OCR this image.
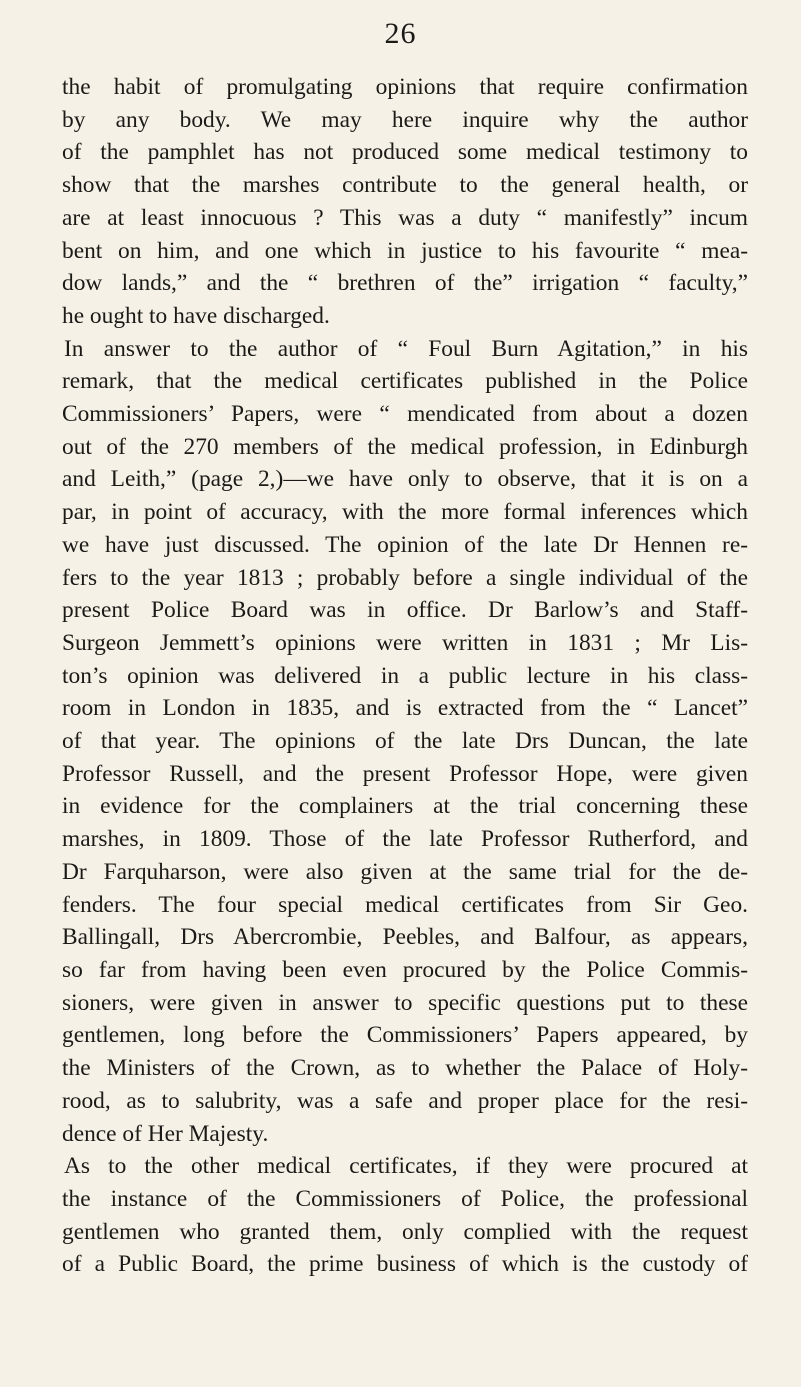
26
the habit of promulgating opinions that require confirmation
by any body. We may here inquire why the author
of the pamphlet has not produced some medical testimony to
show that the marshes contribute to the general health, or
are at least innocuous ? This was a duty “ manifestly” incum
bent on him, and one which in justice to his favourite “ mea-
dow lands,” and the “ brethren of the” irrigation “ faculty,”
he ought to have discharged.
In answer to the author of “ Foul Burn Agitation,” in his
remark, that the medical certificates published in the Police
Commissioners’ Papers, were “ mendicated from about a dozen
out of the 270 members of the medical profession, in Edinburgh
and Leith,” (page 2,)—we have only to observe, that it is on a
par, in point of accuracy, with the more formal inferences which
we have just discussed. The opinion of the late Dr Hennen re-
fers to the year 1813 ; probably before a single individual of the
present Police Board was in office. Dr Barlow’s and Staff-
Surgeon Jemmett’s opinions were written in 1831 ; Mr Lis-
ton’s opinion was delivered in a public lecture in his class-
room in London in 1835, and is extracted from the “ Lancet”
of that year. The opinions of the late Drs Duncan, the late
Professor Russell, and the present Professor Hope, were given
in evidence for the complainers at the trial concerning these
marshes, in 1809. Those of the late Professor Rutherford, and
Dr Farquharson, were also given at the same trial for the de-
fenders. The four special medical certificates from Sir Geo.
Ballingall, Drs Abercrombie, Peebles, and Balfour, as appears,
so far from having been even procured by the Police Commis-
sioners, were given in answer to specific questions put to these
gentlemen, long before the Commissioners’ Papers appeared, by
the Ministers of the Crown, as to whether the Palace of Holy-
rood, as to salubrity, was a safe and proper place for the resi-
dence of Her Majesty.
As to the other medical certificates, if they were procured at
the instance of the Commissioners of Police, the professional
gentlemen who granted them, only complied with the request
of a Public Board, the prime business of which is the custody of
